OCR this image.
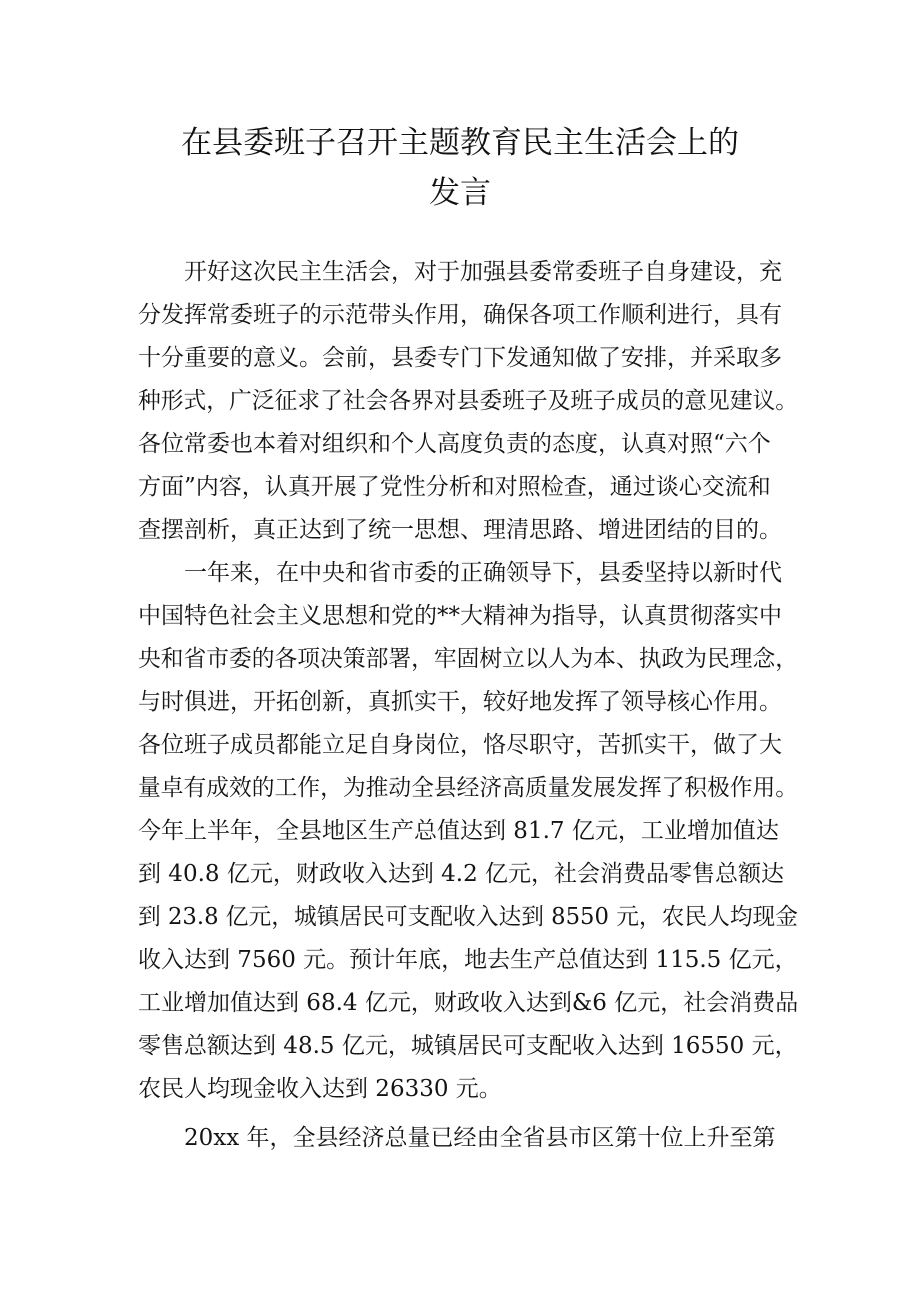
在县委班子召开主题教育民主生活会上的
发言
　　开好这次民主生活会，对于加强县委常委班子自身建设，充
分发挥常委班子的示范带头作用，确保各项工作顺利进行，具有
十分重要的意义。会前，县委专门下发通知做了安排，并采取多
种形式，广泛征求了社会各界对县委班子及班子成员的意见建议。
各位常委也本着对组织和个人高度负责的态度，认真对照“六个
方面”内容，认真开展了党性分析和对照检查，通过谈心交流和
查摆剖析，真正达到了统一思想、理清思路、增进团结的目的。
　　一年来，在中央和省市委的正确领导下，县委坚持以新时代
中国特色社会主义思想和党的**大精神为指导，认真贯彻落实中
央和省市委的各项决策部署，牢固树立以人为本、执政为民理念，
与时俱进，开拓创新，真抓实干，较好地发挥了领导核心作用。
各位班子成员都能立足自身岗位，恪尽职守，苦抓实干，做了大
量卓有成效的工作，为推动全县经济高质量发展发挥了积极作用。
今年上半年，全县地区生产总值达到 81.7 亿元，工业增加值达
到 40.8 亿元，财政收入达到 4.2 亿元，社会消费品零售总额达
到 23.8 亿元，城镇居民可支配收入达到 8550 元，农民人均现金
收入达到 7560 元。预计年底，地去生产总值达到 115.5 亿元，
工业增加值达到 68.4 亿元，财政收入达到&6 亿元，社会消费品
零售总额达到 48.5 亿元，城镇居民可支配收入达到 16550 元，
农民人均现金收入达到 26330 元。
　　20xx 年，全县经济总量已经由全省县市区第十位上升至第
